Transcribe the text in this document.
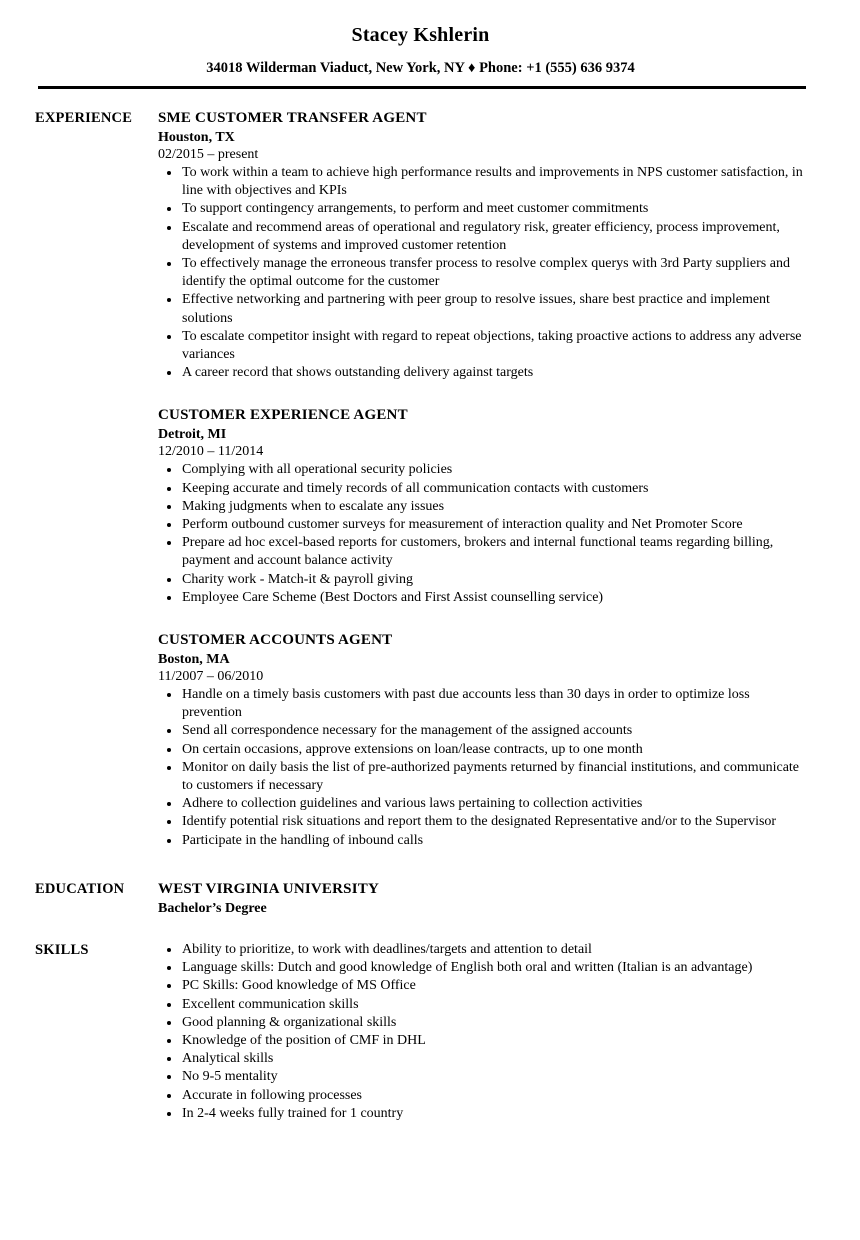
Stacey Kshlerin
34018 Wilderman Viaduct, New York, NY ♦ Phone: +1 (555) 636 9374
EXPERIENCE	SME CUSTOMER TRANSFER AGENT
Houston, TX
02/2015 – present
• To work within a team to achieve high performance results and improvements in NPS customer satisfaction, in line with objectives and KPIs
• To support contingency arrangements, to perform and meet customer commitments
• Escalate and recommend areas of operational and regulatory risk, greater efficiency, process improvement, development of systems and improved customer retention
• To effectively manage the erroneous transfer process to resolve complex querys with 3rd Party suppliers and identify the optimal outcome for the customer
• Effective networking and partnering with peer group to resolve issues, share best practice and implement solutions
• To escalate competitor insight with regard to repeat objections, taking proactive actions to address any adverse variances
• A career record that shows outstanding delivery against targets
CUSTOMER EXPERIENCE AGENT
Detroit, MI
12/2010 – 11/2014
• Complying with all operational security policies
• Keeping accurate and timely records of all communication contacts with customers
• Making judgments when to escalate any issues
• Perform outbound customer surveys for measurement of interaction quality and Net Promoter Score
• Prepare ad hoc excel-based reports for customers, brokers and internal functional teams regarding billing, payment and account balance activity
• Charity work - Match-it & payroll giving
• Employee Care Scheme (Best Doctors and First Assist counselling service)
CUSTOMER ACCOUNTS AGENT
Boston, MA
11/2007 – 06/2010
• Handle on a timely basis customers with past due accounts less than 30 days in order to optimize loss prevention
• Send all correspondence necessary for the management of the assigned accounts
• On certain occasions, approve extensions on loan/lease contracts, up to one month
• Monitor on daily basis the list of pre-authorized payments returned by financial institutions, and communicate to customers if necessary
• Adhere to collection guidelines and various laws pertaining to collection activities
• Identify potential risk situations and report them to the designated Representative and/or to the Supervisor
• Participate in the handling of inbound calls
EDUCATION	WEST VIRGINIA UNIVERSITY
Bachelor’s Degree
SKILLS	• Ability to prioritize, to work with deadlines/targets and attention to detail
• Language skills: Dutch and good knowledge of English both oral and written (Italian is an advantage)
• PC Skills: Good knowledge of MS Office
• Excellent communication skills
• Good planning & organizational skills
• Knowledge of the position of CMF in DHL
• Analytical skills
• No 9-5 mentality
• Accurate in following processes
• In 2-4 weeks fully trained for 1 country
